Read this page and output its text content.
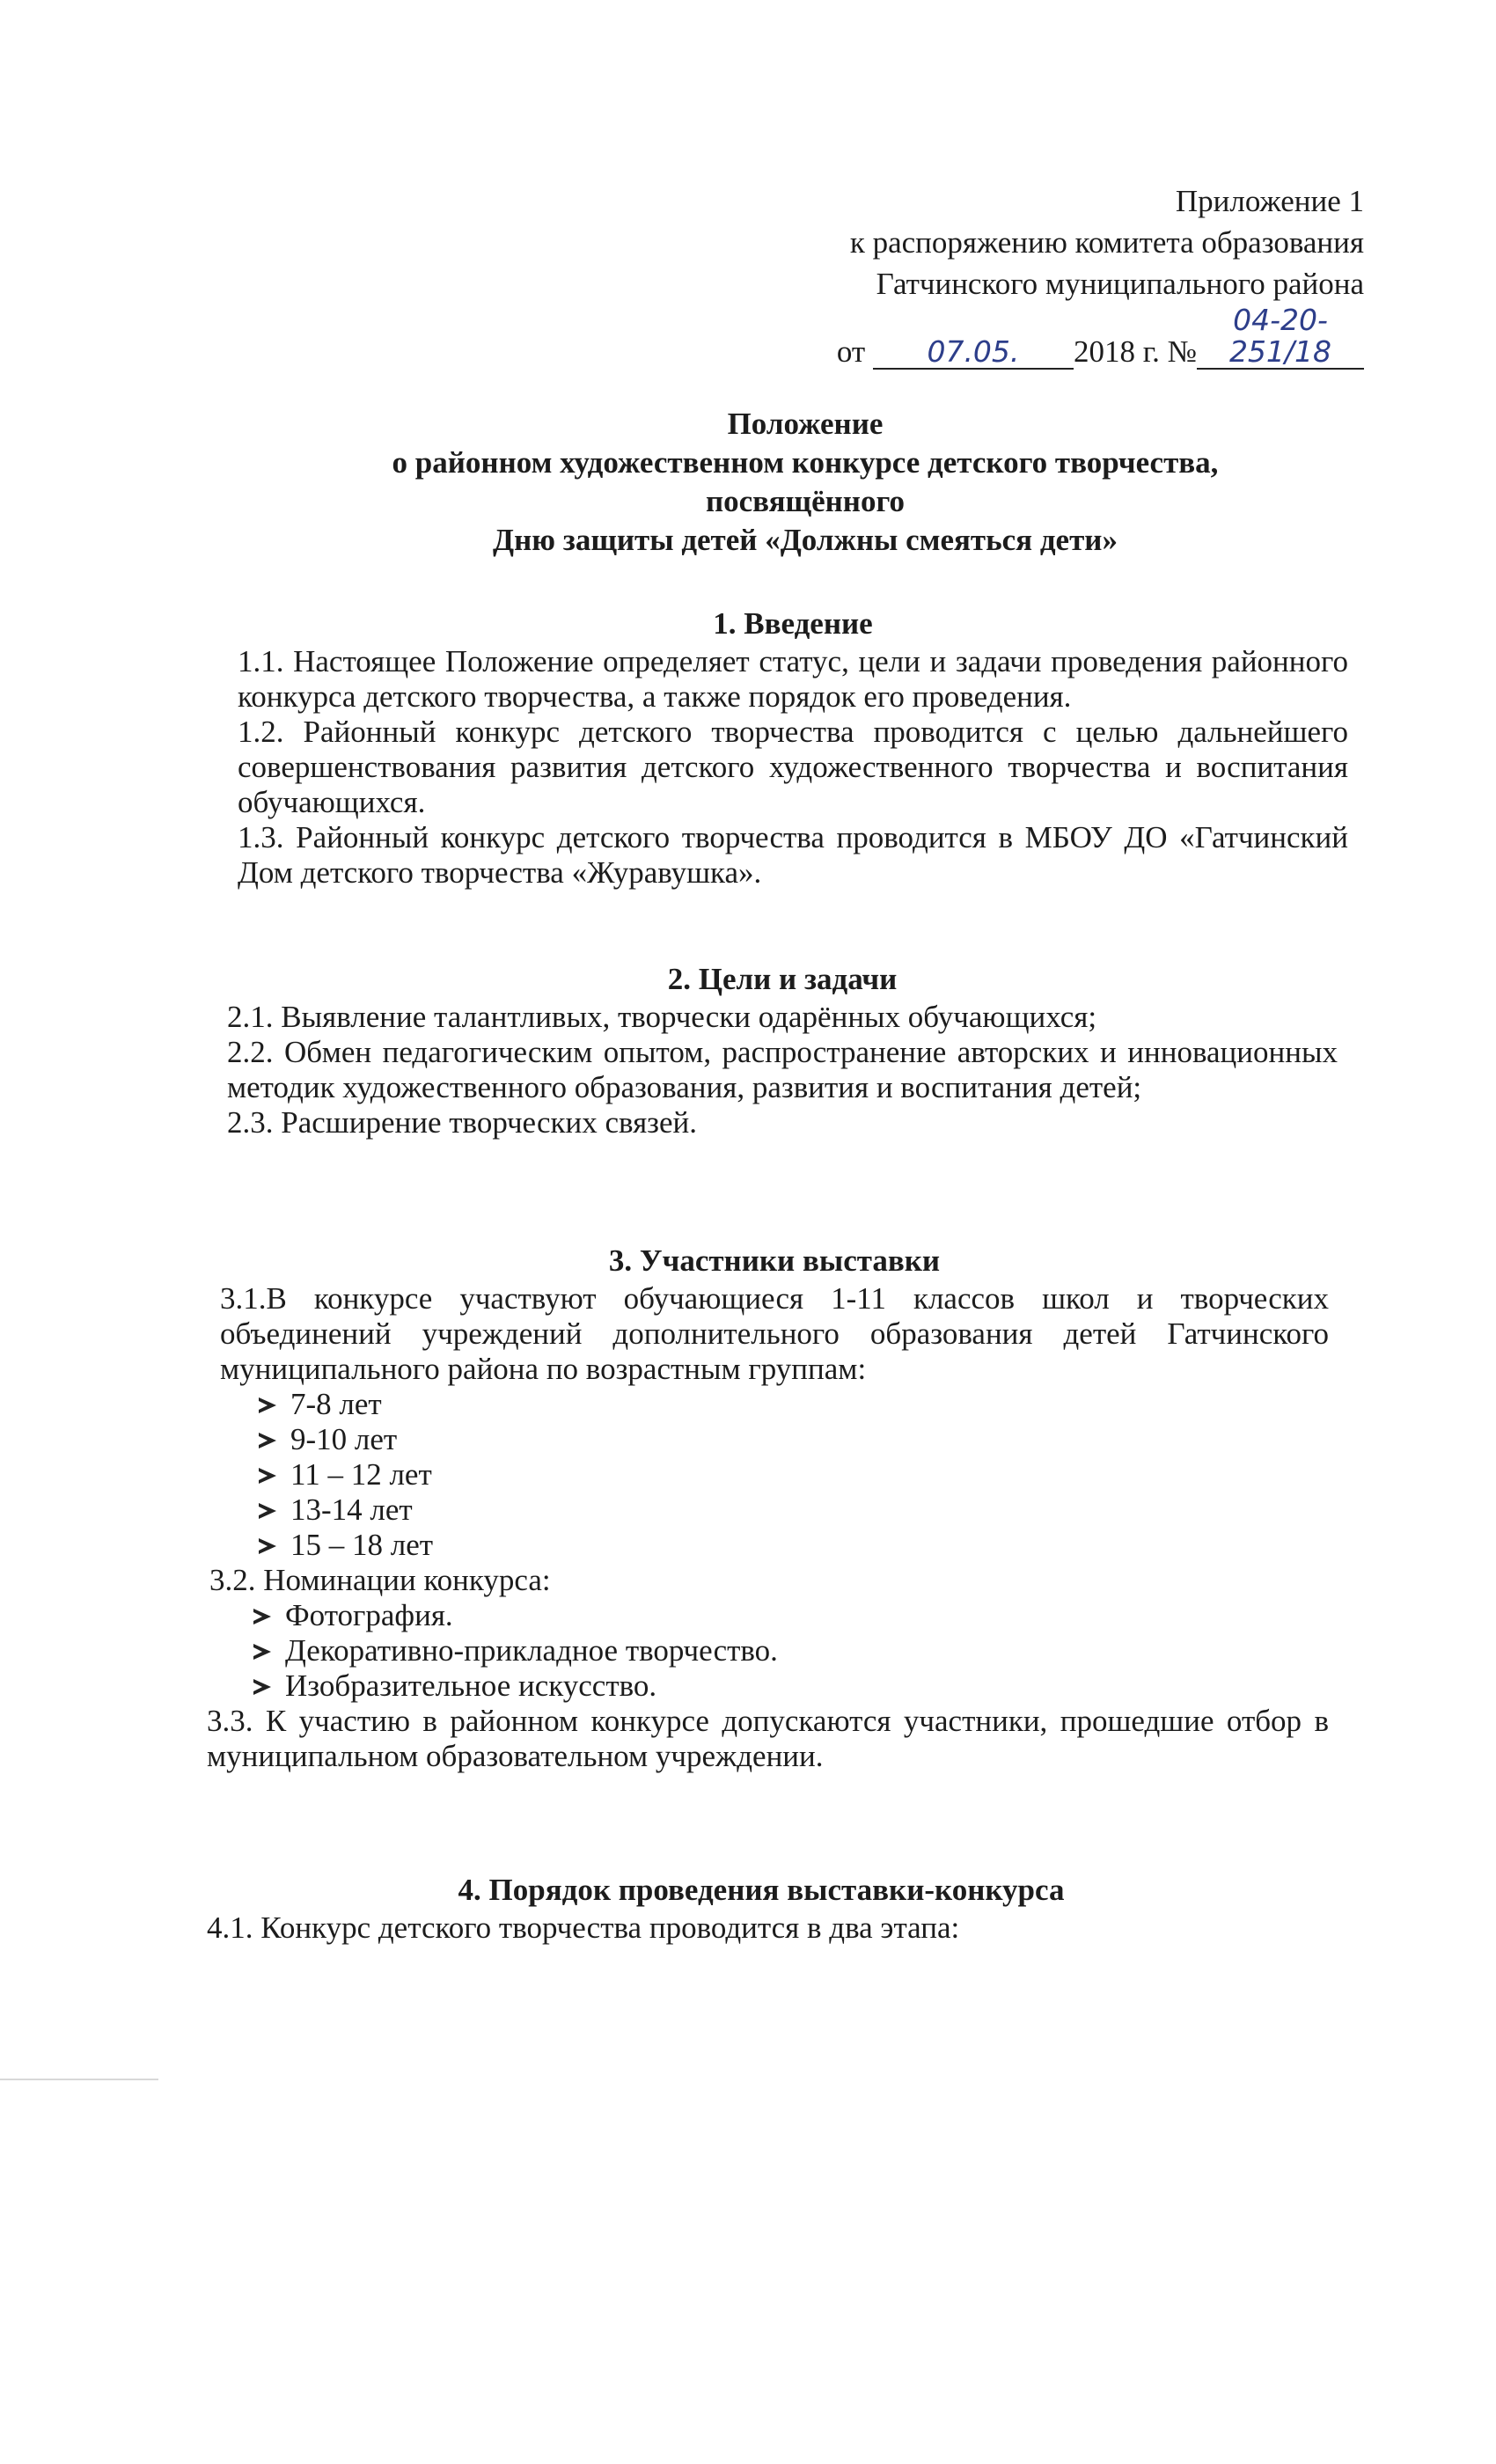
Приложение 1
к распоряжению комитета образования
Гатчинского муниципального района
от 07.05. 2018 г. №04-20-251/18
Положение
о районном художественном конкурсе детского творчества,
посвящённого
Дню защиты детей «Должны смеяться дети»
1. Введение

1.1. Настоящее Положение определяет статус, цели и задачи проведения районного конкурса детского творчества, а также порядок его проведения.

1.2. Районный конкурс детского творчества проводится с целью дальнейшего совершенствования развития детского художественного творчества и воспитания обучающихся.

1.3. Районный конкурс детского творчества проводится в МБОУ ДО «Гатчинский Дом детского творчества «Журавушка».

2. Цели и задачи

2.1. Выявление талантливых, творчески одарённых обучающихся;

2.2. Обмен педагогическим опытом, распространение авторских и инновационных методик художественного образования, развития и воспитания детей;

2.3. Расширение творческих связей.

3. Участники выставки

3.1.В конкурсе участвуют обучающиеся 1-11 классов школ и творческих объединений учреждений дополнительного образования детей Гатчинского муниципального района по возрастным группам:

7-8 лет
9-10 лет
11 – 12 лет
13-14 лет
15 – 18 лет

3.2. Номинации конкурса:

Фотография.
Декоративно-прикладное творчество.
Изобразительное искусство.

3.3. К участию в районном конкурсе допускаются участники, прошедшие отбор в муниципальном образовательном учреждении.

4. Порядок проведения выставки-конкурса

4.1. Конкурс детского творчества проводится в два этапа:
